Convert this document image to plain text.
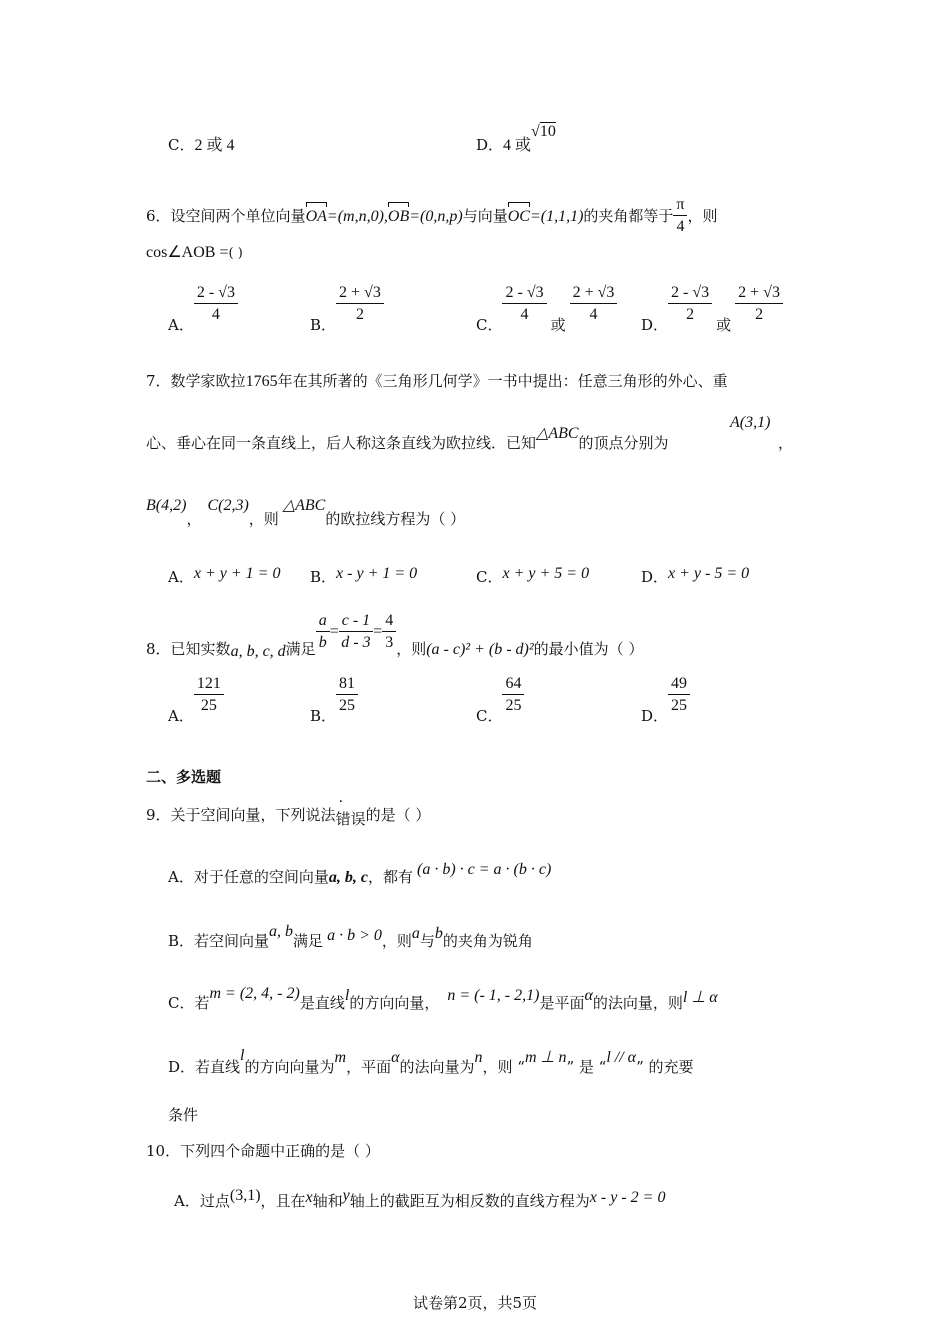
C．2 或 4	D．4 或√10
6．设空间两个单位向量OA=(m,n,0),OB=(0,n,p)与向量OC=(1,1,1)的夹角都等于 $\frac{\pi}{4}$ ，则
cos∠AOB =( )
A．
$\frac{2 - √3}{4}$
B．
$\frac{2 + √3}{2}$
C．
$\frac{2 - √3}{4}$
或
$\frac{2 + √3}{4}$
D．
$\frac{2 - √3}{2}$
或
$\frac{2 + √3}{2}$
7．数学家欧拉1765年在其所著的《三角形几何学》一书中提出：任意三角形的外心、重
心、垂心在同一条直线上，后人称这条直线为欧拉线．已知△ABC的顶点分别为
A(3,1)
，
B(4,2)，C(2,3)，则△ABC的欧拉线方程为（ ）
A．x + y + 1 = 0 B．x - y + 1 = 0	C．x + y + 5 = 0	D．x + y - 5 = 0
8．已知实数a, b, c, d满足 $\frac{a}{b} = \frac{c - 1}{d - 3} = \frac{4}{3}$ ，则(a - c)² + (b - d)²的最小值为（ ）
A．
$\frac{121}{25}$
B．
$\frac{81}{25}$
C．
$\frac{64}{25}$
D．
$\frac{49}{25}$
二、多选题
9．关于空间向量，下列说法错误的是（ ）
A．对于任意的空间向量a, b, c，都有 (a · b) · c = a · (b · c)
B．若空间向量a, b满足 a · b > 0，则a与b的夹角为锐角
C．若m = (2, 4, - 2)是直线l的方向向量， n = (- 1, - 2,1)是平面α的法向量，则l ⊥ α
D．若直线l的方向向量为m，平面α的法向量为n，则 “m ⊥ n” 是 “l // α” 的充要
条件
10．下列四个命题中正确的是（ ）
A．过点(3,1)，且在x轴和y轴上的截距互为相反数的直线方程为x - y - 2 = 0
试卷第2页，共5页
